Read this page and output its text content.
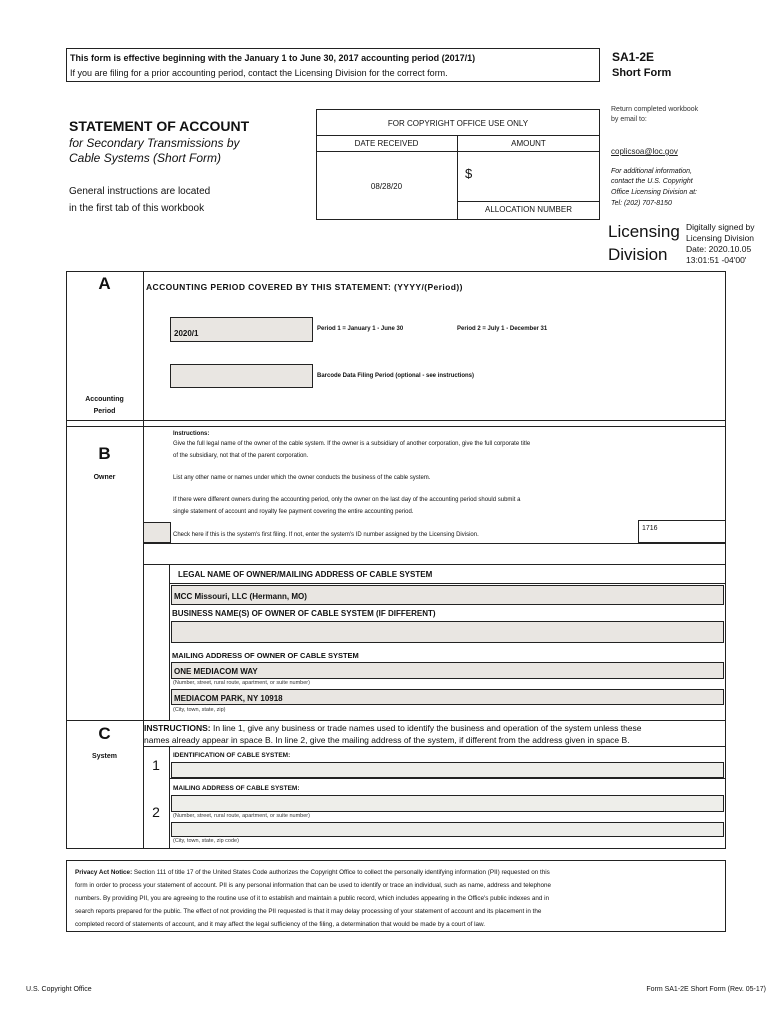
This form is effective beginning with the January 1 to June 30, 2017 accounting period (2017/1)
If you are filing for a prior accounting period, contact the Licensing Division for the correct form.
SA1-2E
Short Form
STATEMENT OF ACCOUNT
for Secondary Transmissions by
Cable Systems (Short Form)
General instructions are located
in the first tab of this workbook
FOR COPYRIGHT OFFICE USE ONLY
DATE RECEIVED	AMOUNT
08/28/20
$
ALLOCATION NUMBER
Return completed workbook
by email to:
coplicsoa@loc.gov
For additional information,
contact the U.S. Copyright
Office Licensing Division at:
Tel: (202) 707-8150
Licensing
Division
Digitally signed by
Licensing Division
Date: 2020.10.05
13:01:51 -04'00'
A
Accounting
Period
ACCOUNTING PERIOD COVERED BY THIS STATEMENT: (YYYY/(Period))
2020/1	Period 1 = January 1 - June 30	Period 2 = July 1 - December 31
Barcode Data Filing Period (optional - see instructions)
B
Owner
Instructions:
Give the full legal name of the owner of the cable system. If the owner is a subsidiary of another corporation, give the full corporate title
of the subsidiary, not that of the parent corporation.
List any other name or names under which the owner conducts the business of the cable system.
If there were different owners during the accounting period, only the owner on the last day of the accounting period should submit a
single statement of account and royalty fee payment covering the entire accounting period.
Check here if this is the system's first filing. If not, enter the system's ID number assigned by the Licensing Division.
1716
LEGAL NAME OF OWNER/MAILING ADDRESS OF CABLE SYSTEM
MCC Missouri, LLC (Hermann, MO)
BUSINESS NAME(S) OF OWNER OF CABLE SYSTEM (IF DIFFERENT)
MAILING ADDRESS OF OWNER OF CABLE SYSTEM
ONE MEDIACOM WAY
(Number, street, rural route, apartment, or suite number)
MEDIACOM PARK, NY 10918
(City, town, state, zip)
C
System
INSTRUCTIONS: In line 1, give any business or trade names used to identify the business and operation of the system unless these
names already appear in space B. In line 2, give the mailing address of the system, if different from the address given in space B.
1
IDENTIFICATION OF CABLE SYSTEM:
2
MAILING ADDRESS OF CABLE SYSTEM:
(Number, street, rural route, apartment, or suite number)
(City, town, state, zip code)
Privacy Act Notice: Section 111 of title 17 of the United States Code authorizes the Copyright Office to collect the personally identifying information (PII) requested on this
form in order to process your statement of account. PII is any personal information that can be used to identify or trace an individual, such as name, address and telephone
numbers. By providing PII, you are agreeing to the routine use of it to establish and maintain a public record, which includes appearing in the Office's public indexes and in
search reports prepared for the public. The effect of not providing the PII requested is that it may delay processing of your statement of account and its placement in the
completed record of statements of account, and it may affect the legal sufficiency of the filing, a determination that would be made by a court of law.
U.S. Copyright Office	Form SA1-2E Short Form (Rev. 05-17)
